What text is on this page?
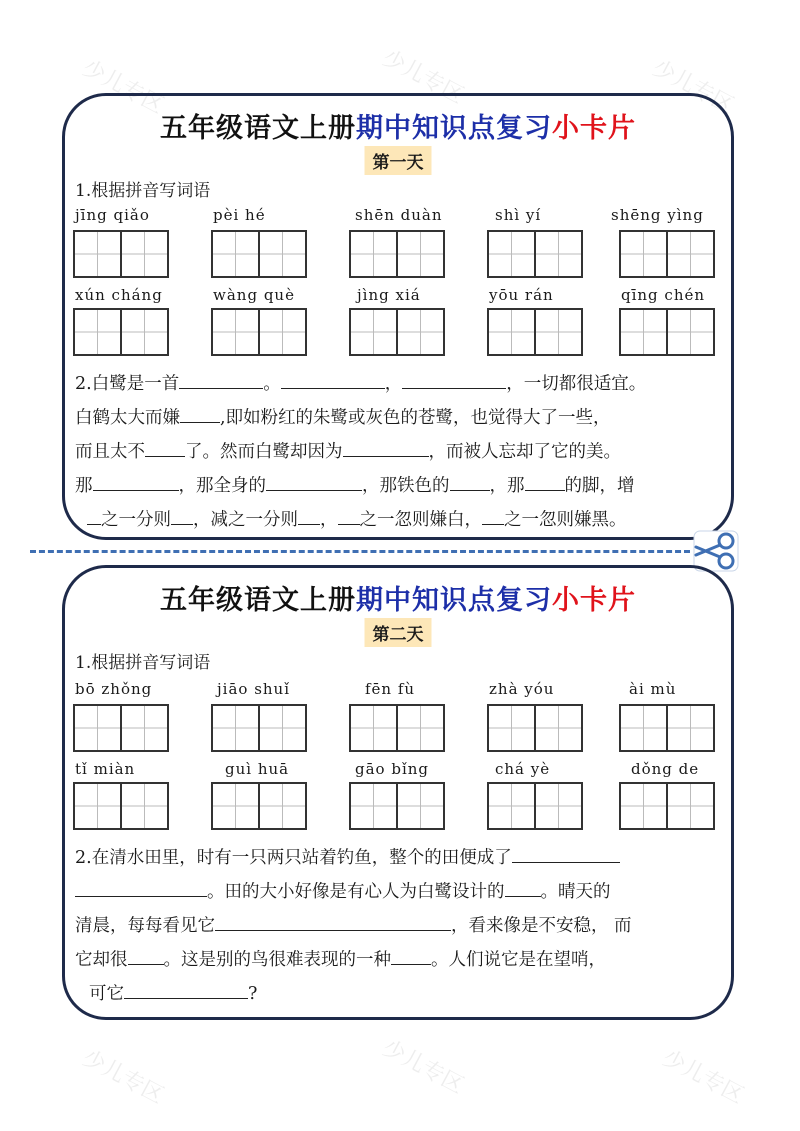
少儿专区	少儿专区	少儿专区
少儿专区	少儿专区	少儿专区
五年级语文上册期中知识点复习小卡片
第一天
1.根据拼音写词语
jīng qiǎo	pèi hé	shēn duàn	shì yí	shēng yìng
xún cháng	wàng què	jìng xiá	yōu rán	qīng chén
2.白鹭是一首	。	，	，一切都很适宜。
白鹤太大而嫌 ,即如粉红的朱鹭或灰色的苍鹭，也觉得大了一些，
而且太不 了。然而白鹭却因为	，而被人忘却了它的美。
那	，那全身的	，那铁色的 ，那 的脚，增
之一分则 ，减之一分则 ， 之一忽则嫌白， 之一忽则嫌黑。
五年级语文上册期中知识点复习小卡片
第二天
1.根据拼音写词语
bō zhǒng	jiāo shuǐ	fēn fù	zhà yóu	ài mù
tǐ miàn	guì huā	gāo bǐng	chá yè	dǒng de
2.在清水田里，时有一只两只站着钓鱼，整个的田便成了
。田的大小好像是有心人为白鹭设计的 。晴天的
清晨，每每看见它	，看来像是不安稳， 而
它却很 。这是别的鸟很难表现的一种 。人们说它是在望哨，
可它	?
